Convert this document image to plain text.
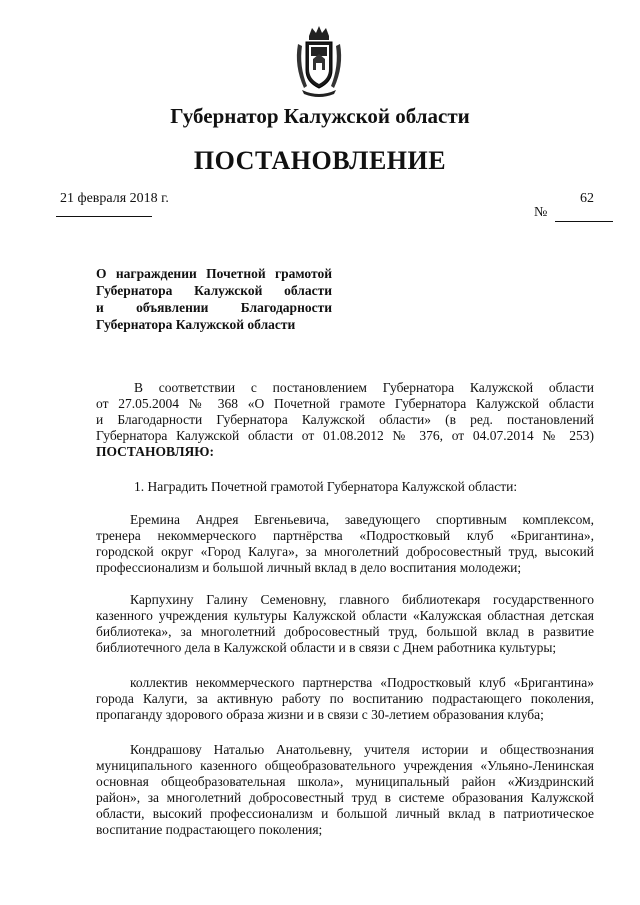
Губернатор Калужской области
ПОСТАНОВЛЕНИЕ
21 февраля 2018 г.	62
№
О награждении Почетной грамотой
Губернатора Калужской области
и объявлении Благодарности
Губернатора Калужской области
В соответствии с постановлением Губернатора Калужской области
от 27.05.2004 № 368 «О Почетной грамоте Губернатора Калужской области
и Благодарности Губернатора Калужской области» (в ред. постановлений
Губернатора Калужской области от 01.08.2012 № 376, от 04.07.2014 № 253)
ПОСТАНОВЛЯЮ:
1. Наградить Почетной грамотой Губернатора Калужской области:
Еремина Андрея Евгеньевича, заведующего спортивным комплексом,
тренера некоммерческого партнёрства «Подростковый клуб «Бригантина»,
городской округ «Город Калуга», за многолетний добросовестный труд, высокий
профессионализм и большой личный вклад в дело воспитания молодежи;
Карпухину Галину Семеновну, главного библиотекаря государственного
казенного учреждения культуры Калужской области «Калужская областная детская
библиотека», за многолетний добросовестный труд, большой вклад в развитие
библиотечного дела в Калужской области и в связи с Днем работника культуры;
коллектив некоммерческого партнерства «Подростковый клуб «Бригантина»
города Калуги, за активную работу по воспитанию подрастающего поколения,
пропаганду здорового образа жизни и в связи с 30-летием образования клуба;
Кондрашову Наталью Анатольевну, учителя истории и обществознания
муниципального казенного общеобразовательного учреждения «Ульяно-Ленинская
основная общеобразовательная школа», муниципальный район «Жиздринский
район», за многолетний добросовестный труд в системе образования Калужской
области, высокий профессионализм и большой личный вклад в патриотическое
воспитание подрастающего поколения;
